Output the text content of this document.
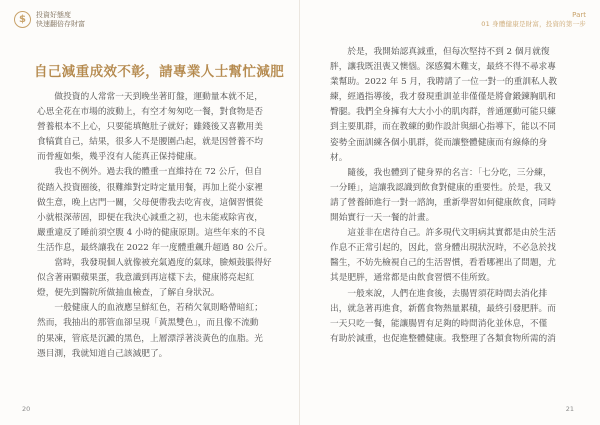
$	投資好態度
快速翻倍存財富
自己減重成效不彰，請專業人士幫忙減肥

做投資的人常常一天到晚坐著盯盤，運動量本就不足，
心思全花在市場的波動上，有空才匆匆吃一餐，對食物是否
營養根本不上心，只要能填飽肚子就好；雖錢後又喜歡用美
食犒賞自己，結果，很多人不是腰圍凸起，就是因營養不均
而骨瘦如柴，幾乎沒有人能真正保持健康。

我也不例外。過去我的體重一直維持在 72 公斤，但自
從踏入投資圈後，很難維對定時定量用餐，再加上從小家裡
做生意，晚上店門一關，父母便帶我去吃宵夜，這個習慣從
小就根深蒂固，即便在我決心減重之初，也未能戒除宵夜，
嚴重違反了睡前須空腹 4 小時的健康原則。這些年來的不良
生活作息，最終讓我在 2022 年一度體重飆升超過 80 公斤。

當時，我發現個人就像被充氣過度的氣球，臉頰鼓脹得好
似含著兩顆蘋果蛋，我意識到再這樣下去，健康將亮起紅
燈，便先到醫院所做抽血檢查，了解自身狀況。

一般健康人的血液應呈鮮紅色，若稍欠氧則略帶暗紅；
然而，我抽出的那管血卻呈現「黃黑雙色」，而且像不流動
的果凍，管底是沉澱的黑色，上層漂浮著淡黃色的血脂。光
憑目測，我就知道自己該減肥了。

20
Part
01 身體健康是財富，投資的第一步

於是，我開始認真減重，但每次堅持不到 2 個月就復
胖，讓我既沮喪又懊惱。深感獨木難支，最終不得不尋求專
業幫助。2022 年 5 月，我聘請了一位一對一的重訓私人教
練，經過指導後，我才發現重訓並非僅僅是將會鍛鍊胸肌和
臀腿。我們全身擁有大大小小的肌肉群，普通運動可能只練
到主要肌群，而在教練的動作設計與細心指導下，能以不同
姿勢全面訓練各個小肌群，從而讓整體健康而有線條的身
材。

隨後，我也體到了健身界的名言：「七分吃，三分練，
一分睡」，這讓我認識到飲食對健康的重要性。於是，我又
請了營養師進行一對一諮詢，重新學習如何健康飲食，同時
開始實行一天一餐的計畫。

這並非在虐待自己。許多現代文明病其實都是由於生活
作息不正常引起的，因此，當身體出現狀況時，不必急於找
醫生，不妨先檢視自己的生活習慣，看看哪裡出了問題，尤
其是肥胖，通常都是由飲食習慣不佳所致。

一般來說，人們在進食後，去腸胃須花時間去消化排
出，就急著再進食，新舊食物熱量累積，最終引發肥胖。而
一天只吃一餐，能讓腸胃有足夠的時間消化並休息，不僅
有助於減重，也促進整體健康。我整理了各類食物所需的消

21
